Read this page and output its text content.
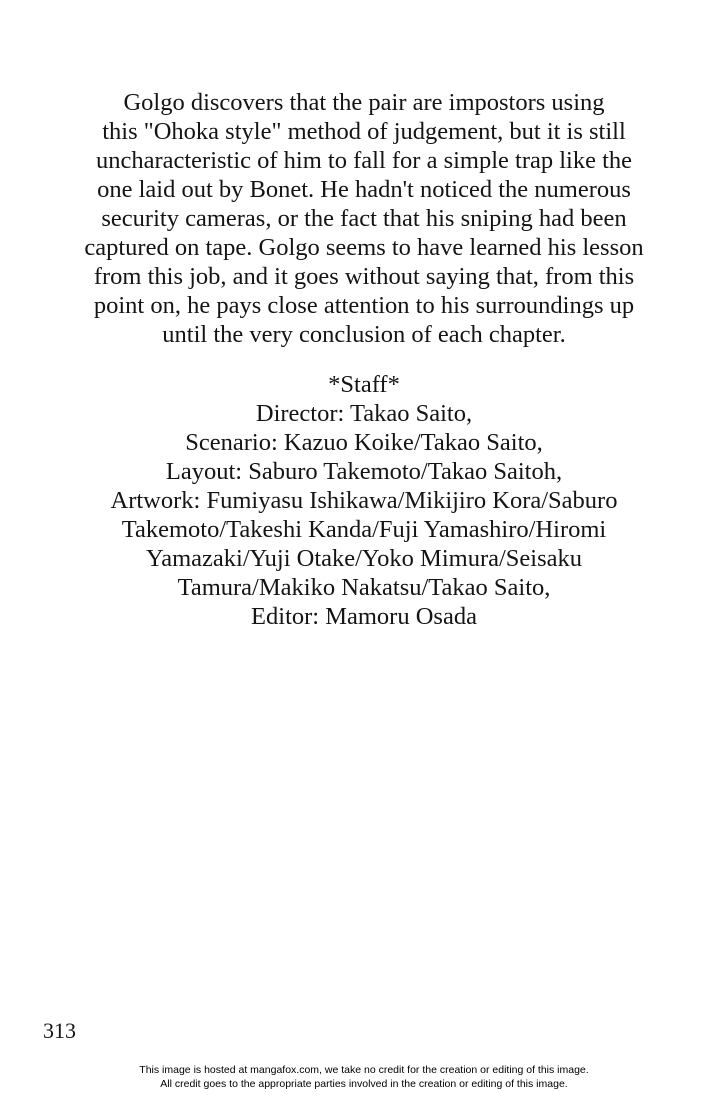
Golgo discovers that the pair are impostors using
this "Ohoka style" method of judgement, but it is still
uncharacteristic of him to fall for a simple trap like the
one laid out by Bonet. He hadn't noticed the numerous
security cameras, or the fact that his sniping had been
captured on tape. Golgo seems to have learned his lesson
from this job, and it goes without saying that, from this
point on, he pays close attention to his surroundings up
until the very conclusion of each chapter.

*Staff*
Director: Takao Saito,
Scenario: Kazuo Koike/Takao Saito,
Layout: Saburo Takemoto/Takao Saitoh,
Artwork: Fumiyasu Ishikawa/Mikijiro Kora/Saburo
Takemoto/Takeshi Kanda/Fuji Yamashiro/Hiromi
Yamazaki/Yuji Otake/Yoko Mimura/Seisaku
Tamura/Makiko Nakatsu/Takao Saito,
Editor: Mamoru Osada

313

This image is hosted at mangafox.com, we take no credit for the creation or editing of this image.
All credit goes to the appropriate parties involved in the creation or editing of this image.
